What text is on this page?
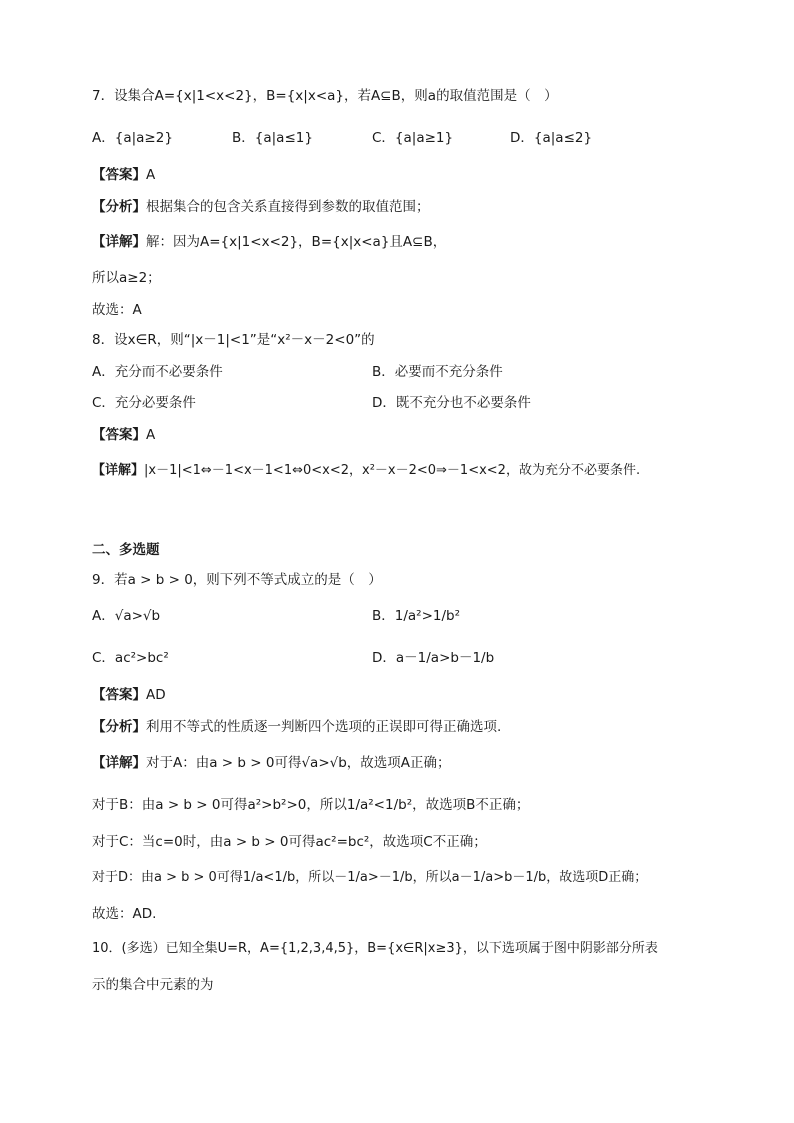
7．设集合A={x|1<x<2}，B={x|x<a}，若A⊆B，则a的取值范围是（　）
A．{a|a≥2}	B．{a|a≤1}	C．{a|a≥1}	D．{a|a≤2}
【答案】A
【分析】根据集合的包含关系直接得到参数的取值范围；
【详解】解：因为A={x|1<x<2}，B={x|x<a}且A⊆B，
所以a≥2；
故选：A
8．设x∈R，则“|x－1|<1”是“x²－x－2<0”的
A．充分而不必要条件	B．必要而不充分条件
C．充分必要条件	D．既不充分也不必要条件
【答案】A
【详解】|x－1|<1⇔－1<x－1<1⇔0<x<2，x²－x－2<0⇒－1<x<2，故为充分不必要条件.
二、多选题
9．若a > b > 0，则下列不等式成立的是（　）
A．√a>√b	B．1/a²>1/b²
C．ac²>bc²	D．a－1/a>b－1/b
【答案】AD
【分析】利用不等式的性质逐一判断四个选项的正误即可得正确选项.
【详解】对于A：由a > b > 0可得√a>√b，故选项A正确；
对于B：由a > b > 0可得a²>b²>0，所以1/a²<1/b²，故选项B不正确；
对于C：当c=0时，由a > b > 0可得ac²=bc²，故选项C不正确；
对于D：由a > b > 0可得1/a<1/b，所以－1/a>－1/b，所以a－1/a>b－1/b，故选项D正确；
故选：AD.
10．(多选）已知全集U=R，A={1,2,3,4,5}，B={x∈R|x≥3}，以下选项属于图中阴影部分所表
示的集合中元素的为
